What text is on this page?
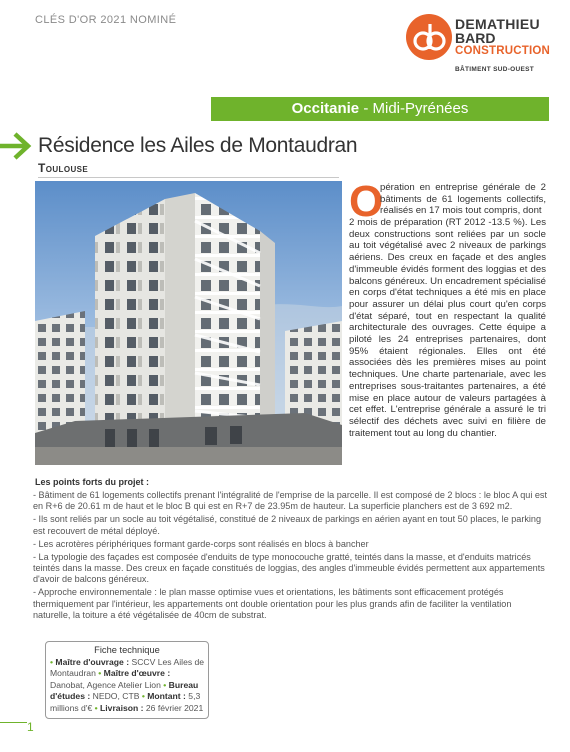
CLÉS D'OR 2021 NOMINÉ	DEMATHIEU
BARD
CONSTRUCTION
BÂTIMENT SUD-OUEST
Occitanie - Midi-Pyrénées
Résidence les Ailes de Montaudran
Toulouse
O
pération en entreprise générale de 2 bâtiments de 61 logements collectifs, réalisés en 17 mois tout compris, dont
2 mois de préparation (RT 2012 -13.5 %). Les deux constructions sont reliées par un socle au toit végétalisé avec 2 niveaux de parkings aériens. Des creux en façade et des angles d'immeuble évidés forment des loggias et des balcons généreux. Un encadrement spécialisé en corps d'état techniques a été mis en place pour assurer un délai plus court qu'en corps d'état séparé, tout en respectant la qualité architecturale des ouvrages. Cette équipe a piloté les 24 entreprises partenaires, dont 95% étaient régionales. Elles ont été associées dès les premières mises au point techniques. Une charte partenariale, avec les entreprises sous-traitantes partenaires, a été mise en place autour de valeurs partagées à cet effet. L'entreprise générale a assuré le tri sélectif des déchets avec suivi en filière de traitement tout au long du chantier.
Les points forts du projet :

- Bâtiment de 61 logements collectifs prenant l'intégralité de l'emprise de la parcelle. Il est composé de 2 blocs : le bloc A qui est en R+6 de 20.61 m de haut et le bloc B qui est en R+7 de 23.95m de hauteur. La superficie planchers est de 3 692 m2.

- Ils sont reliés par un socle au toit végétalisé, constitué de 2 niveaux de parkings en aérien ayant en tout 50 places, le parking est recouvert de métal déployé.

- Les acrotères périphériques formant garde-corps sont réalisés en blocs à bancher

- La typologie des façades est composée d'enduits de type monocouche gratté, teintés dans la masse, et d'enduits matricés teintés dans la masse. Des creux en façade constitués de loggias, des angles d'immeuble évidés permettent aux appartements d'avoir de balcons généreux.

- Approche environnementale : le plan masse optimise vues et orientations, les bâtiments sont efficacement protégés thermiquement par l'intérieur, les appartements ont double orientation pour les plus grands afin de faciliter la ventilation naturelle, la toiture a été végétalisée de 40cm de substrat.

Fiche technique
• Maître d'ouvrage : SCCV Les Ailes de Montaudran • Maître d'œuvre : Danobat, Agence Atelier Lion • Bureau d'études : NEDO, CTB • Montant : 5,3 millions d'€ • Livraison : 26 février 2021
1
